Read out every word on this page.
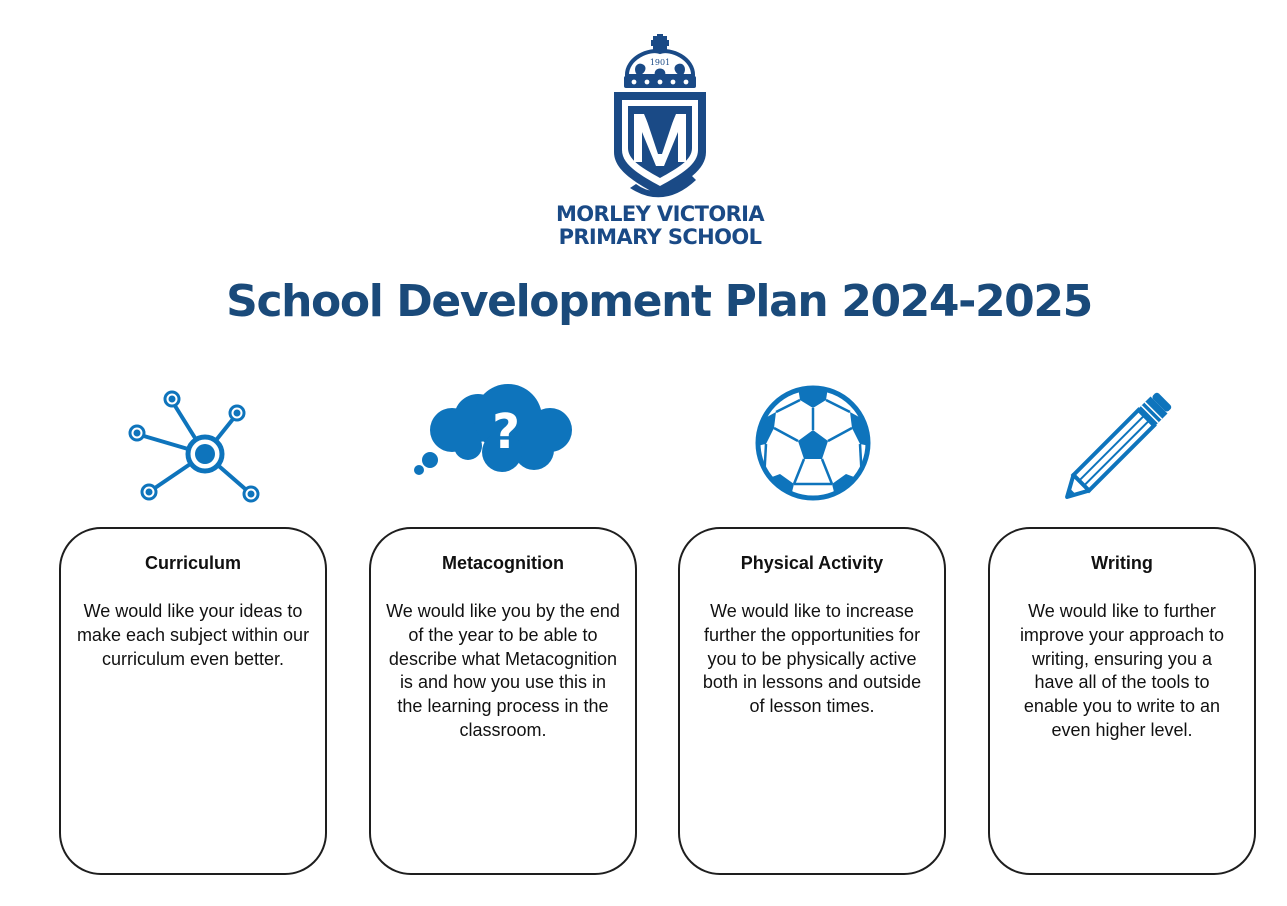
1901
MORLEY VICTORIA
PRIMARY SCHOOL
School Development Plan 2024-2025
?
Curriculum
We would like your ideas to make each subject within our curriculum even better.
Metacognition
We would like you by the end of the year to be able to describe what Metacognition is and how you use this in the learning process in the classroom.
Physical Activity
We would like to increase further the opportunities for you to be physically active both in lessons and outside of lesson times.
Writing
We would like to further improve your approach to writing, ensuring you a have all of the tools to enable you to write to an even higher level.
